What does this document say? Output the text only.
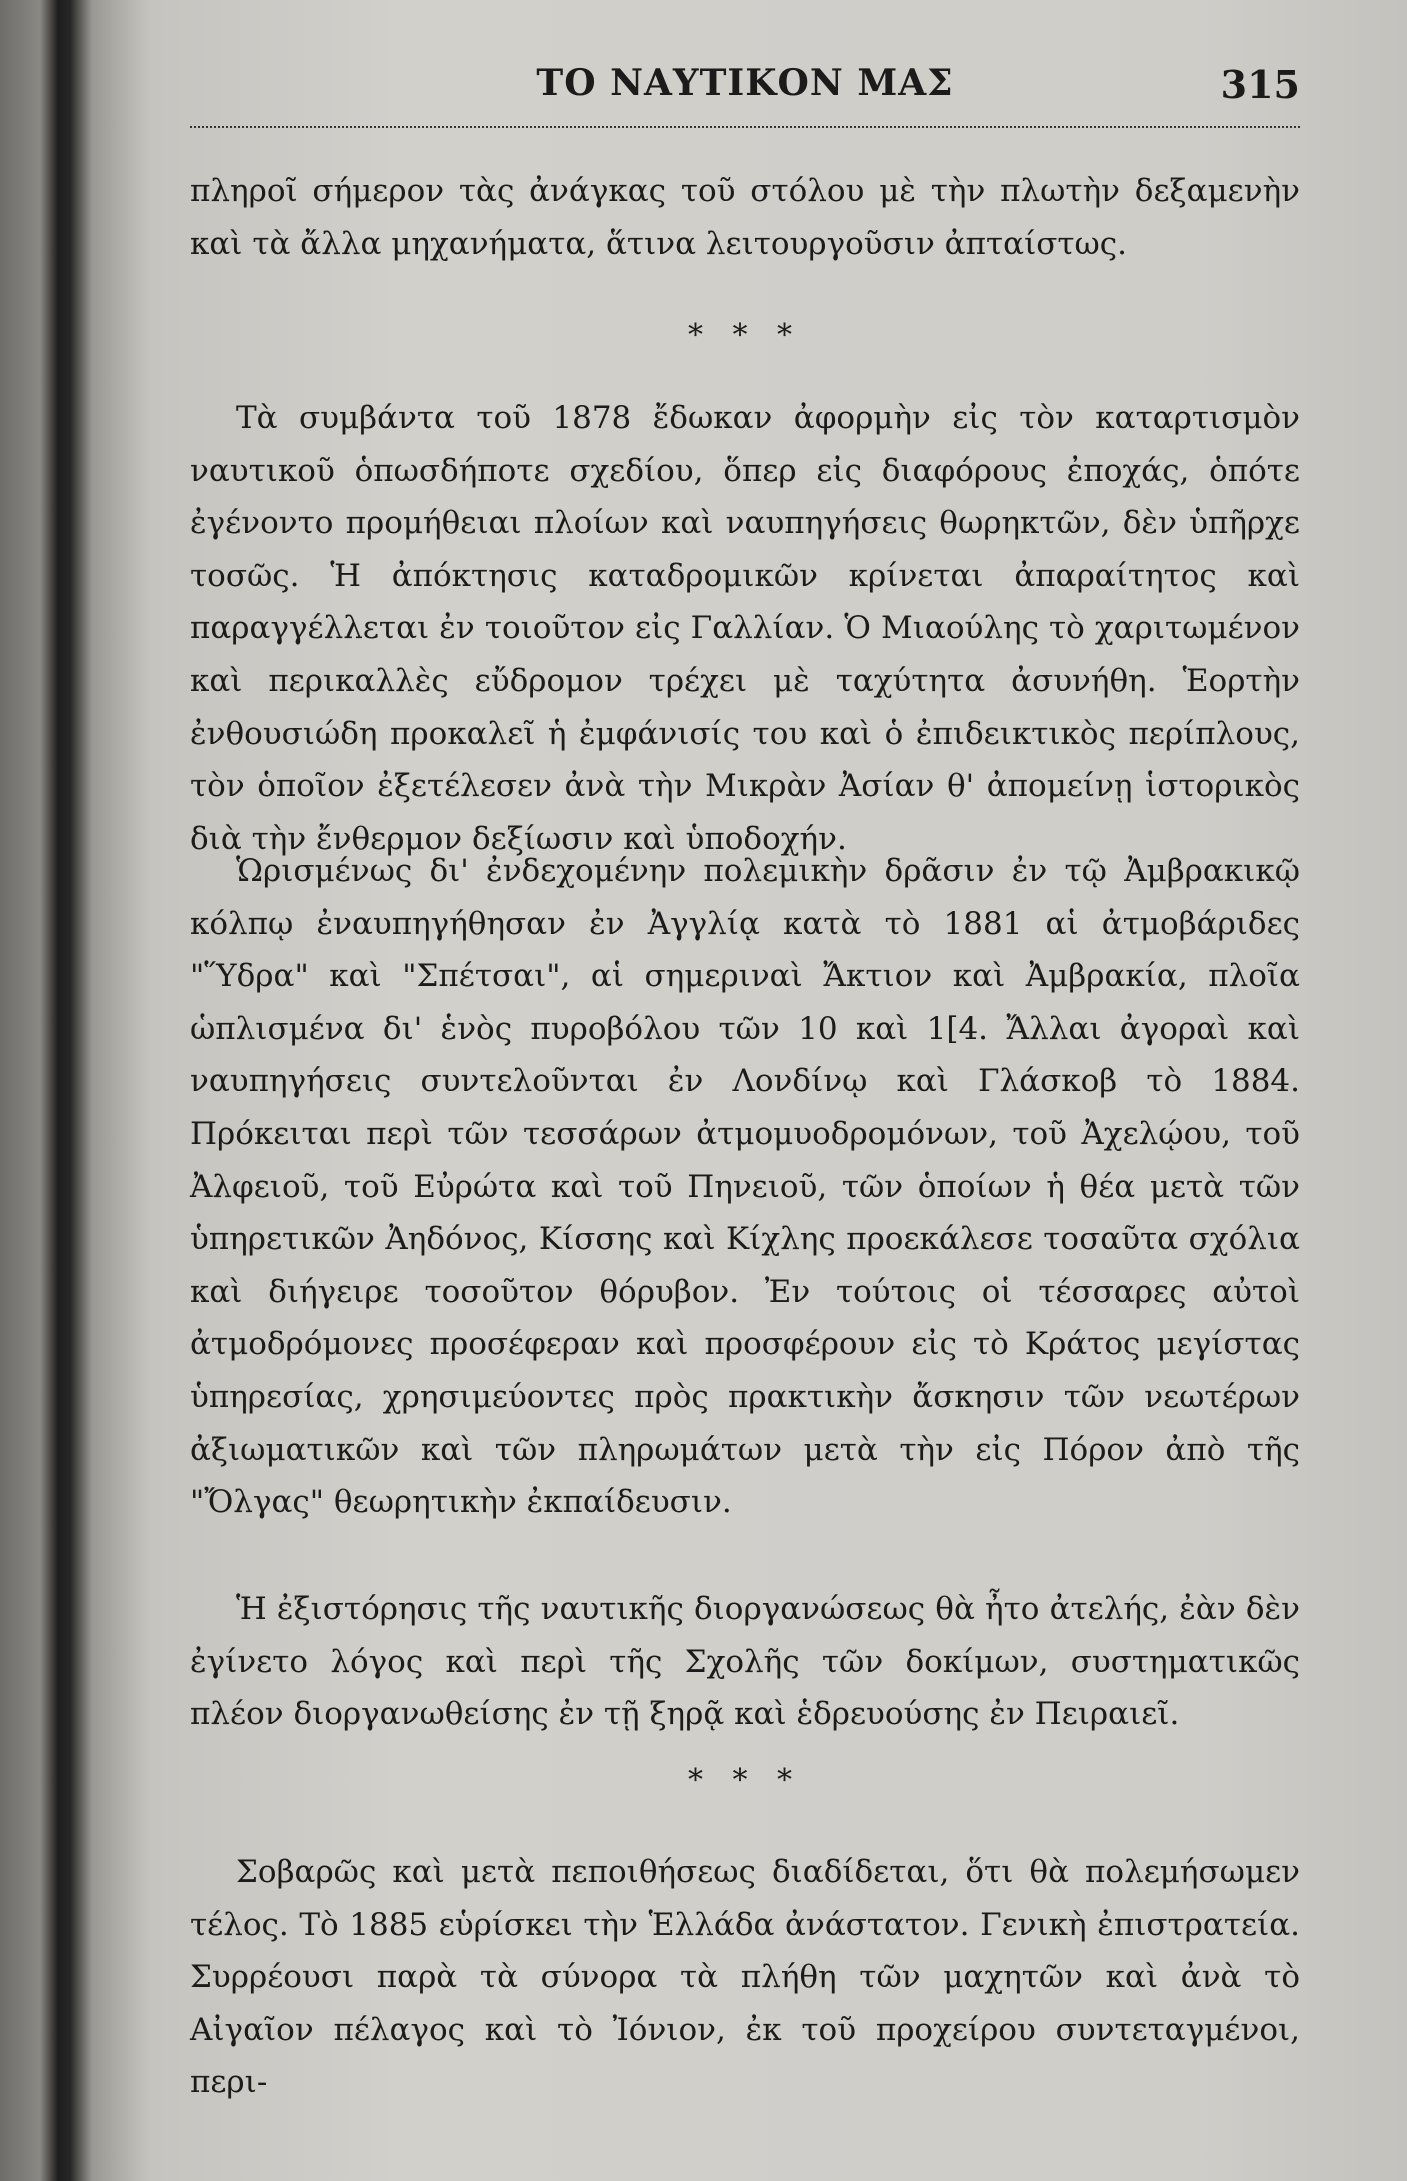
ΤΟ ΝΑΥΤΙΚΟΝ ΜΑΣ	315

πληροῖ σήμερον τὰς ἀνάγκας τοῦ στόλου μὲ τὴν πλωτὴν δεξαμενὴν καὶ τὰ ἄλλα μηχανήματα, ἅτινα λειτουργοῦσιν ἀπταίστως.

* * *

Τὰ συμβάντα τοῦ 1878 ἔδωκαν ἀφορμὴν εἰς τὸν καταρτισμὸν ναυτικοῦ ὁπωσδήποτε σχεδίου, ὅπερ εἰς διαφόρους ἐποχάς, ὁπότε ἐγένοντο προμήθειαι πλοίων καὶ ναυπηγήσεις θωρηκτῶν, δὲν ὑπῆρχε τοσῶς. Ἡ ἀπόκτησις καταδρομικῶν κρίνεται ἀπαραίτητος καὶ παραγγέλλεται ἐν τοιοῦτον εἰς Γαλλίαν. Ὁ Μιαούλης τὸ χαριτωμένον καὶ περικαλλὲς εὔδρομον τρέχει μὲ ταχύτητα ἀσυνήθη. Ἑορτὴν ἐνθουσιώδη προκαλεῖ ἡ ἐμφάνισίς του καὶ ὁ ἐπιδεικτικὸς περίπλους, τὸν ὁποῖον ἐξετέλεσεν ἀνὰ τὴν Μικρὰν Ἀσίαν θ' ἀπομείνῃ ἱστορικὸς διὰ τὴν ἔνθερμον δεξίωσιν καὶ ὑποδοχήν.

Ὡρισμένως δι' ἐνδεχομένην πολεμικὴν δρᾶσιν ἐν τῷ Ἀμβρακικῷ κόλπῳ ἐναυπηγήθησαν ἐν Ἀγγλίᾳ κατὰ τὸ 1881 αἱ ἀτμοβάριδες "Ὕδρα" καὶ "Σπέτσαι", αἱ σημεριναὶ Ἄκτιον καὶ Ἀμβρακία, πλοῖα ὡπλισμένα δι' ἑνὸς πυροβόλου τῶν 10 καὶ 1[4. Ἄλλαι ἀγοραὶ καὶ ναυπηγήσεις συντελοῦνται ἐν Λονδίνῳ καὶ Γλάσκοβ τὸ 1884. Πρόκειται περὶ τῶν τεσσάρων ἀτμομυοδρομόνων, τοῦ Ἀχελῴου, τοῦ Ἀλφειοῦ, τοῦ Εὐρώτα καὶ τοῦ Πηνειοῦ, τῶν ὁποίων ἡ θέα μετὰ τῶν ὑπηρετικῶν Ἀηδόνος, Κίσσης καὶ Κίχλης προεκάλεσε τοσαῦτα σχόλια καὶ διήγειρε τοσοῦτον θόρυβον. Ἐν τούτοις οἱ τέσσαρες αὐτοὶ ἀτμοδρόμονες προσέφεραν καὶ προσφέρουν εἰς τὸ Κράτος μεγίστας ὑπηρεσίας, χρησιμεύοντες πρὸς πρακτικὴν ἄσκησιν τῶν νεωτέρων ἀξιωματικῶν καὶ τῶν πληρωμάτων μετὰ τὴν εἰς Πόρον ἀπὸ τῆς "Ὄλγας" θεωρητικὴν ἐκπαίδευσιν.

Ἡ ἐξιστόρησις τῆς ναυτικῆς διοργανώσεως θὰ ἦτο ἀτελής, ἐὰν δὲν ἐγίνετο λόγος καὶ περὶ τῆς Σχολῆς τῶν δοκίμων, συστηματικῶς πλέον διοργανωθείσης ἐν τῇ ξηρᾷ καὶ ἑδρευούσης ἐν Πειραιεῖ.

* * *

Σοβαρῶς καὶ μετὰ πεποιθήσεως διαδίδεται, ὅτι θὰ πολεμήσωμεν τέλος. Τὸ 1885 εὑρίσκει τὴν Ἑλλάδα ἀνάστατον. Γενικὴ ἐπιστρατεία. Συρρέουσι παρὰ τὰ σύνορα τὰ πλήθη τῶν μαχητῶν καὶ ἀνὰ τὸ Αἰγαῖον πέλαγος καὶ τὸ Ἰόνιον, ἐκ τοῦ προχείρου συντεταγμένοι, περι-
